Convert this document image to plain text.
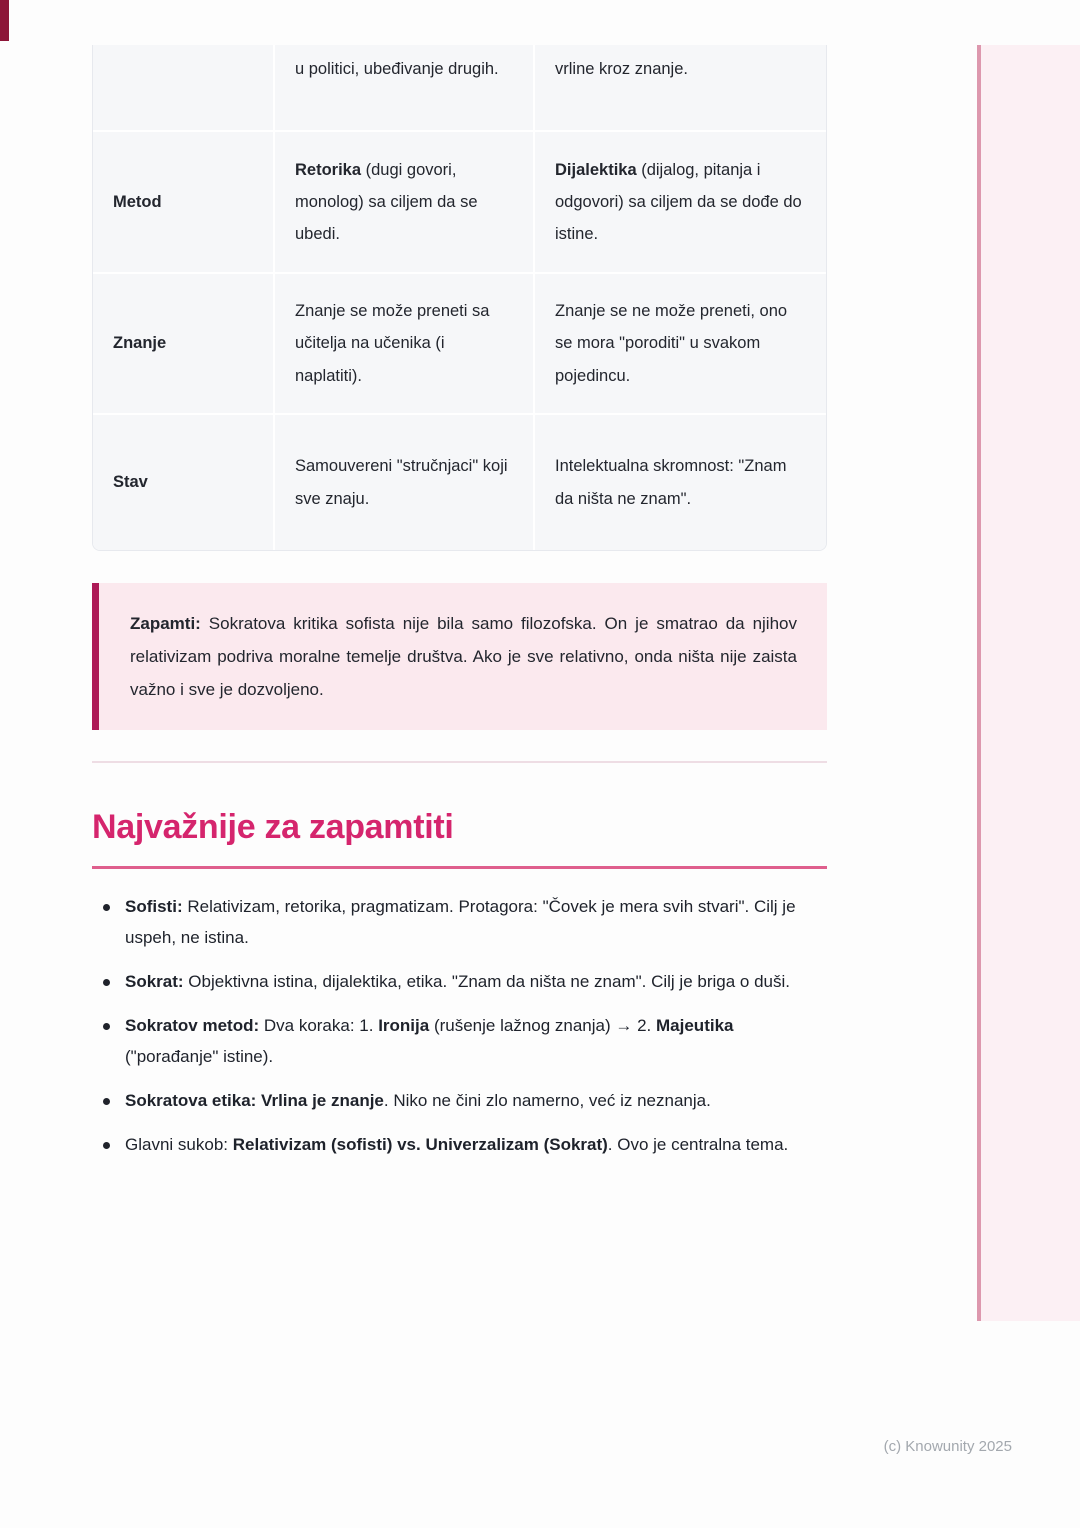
u politici, ubeđivanje drugih.	vrline kroz znanje.
Metod
Retorika (dugi govori, monolog) sa ciljem da se ubedi.
Dijalektika (dijalog, pitanja i odgovori) sa ciljem da se dođe do istine.
Znanje
Znanje se može preneti sa učitelja na učenika (i naplatiti).
Znanje se ne može preneti, ono se mora "poroditi" u svakom pojedincu.
Stav
Samouvereni "stručnjaci" koji sve znaju.
Intelektualna skromnost: "Znam da ništa ne znam".

Zapamti: Sokratova kritika sofista nije bila samo filozofska. On je smatrao da njihov relativizam podriva moralne temelje društva. Ako je sve relativno, onda ništa nije zaista važno i sve je dozvoljeno.

Najvažnije za zapamtiti
Sofisti: Relativizam, retorika, pragmatizam. Protagora: "Čovek je mera svih stvari". Cilj je uspeh, ne istina.
Sokrat: Objektivna istina, dijalektika, etika. "Znam da ništa ne znam". Cilj je briga o duši.
Sokratov metod: Dva koraka: 1. Ironija (rušenje lažnog znanja) → 2. Majeutika ("porađanje" istine).
Sokratova etika: Vrlina je znanje. Niko ne čini zlo namerno, već iz neznanja.
Glavni sukob: Relativizam (sofisti) vs. Univerzalizam (Sokrat). Ovo je centralna tema.
(c) Knowunity 2025
